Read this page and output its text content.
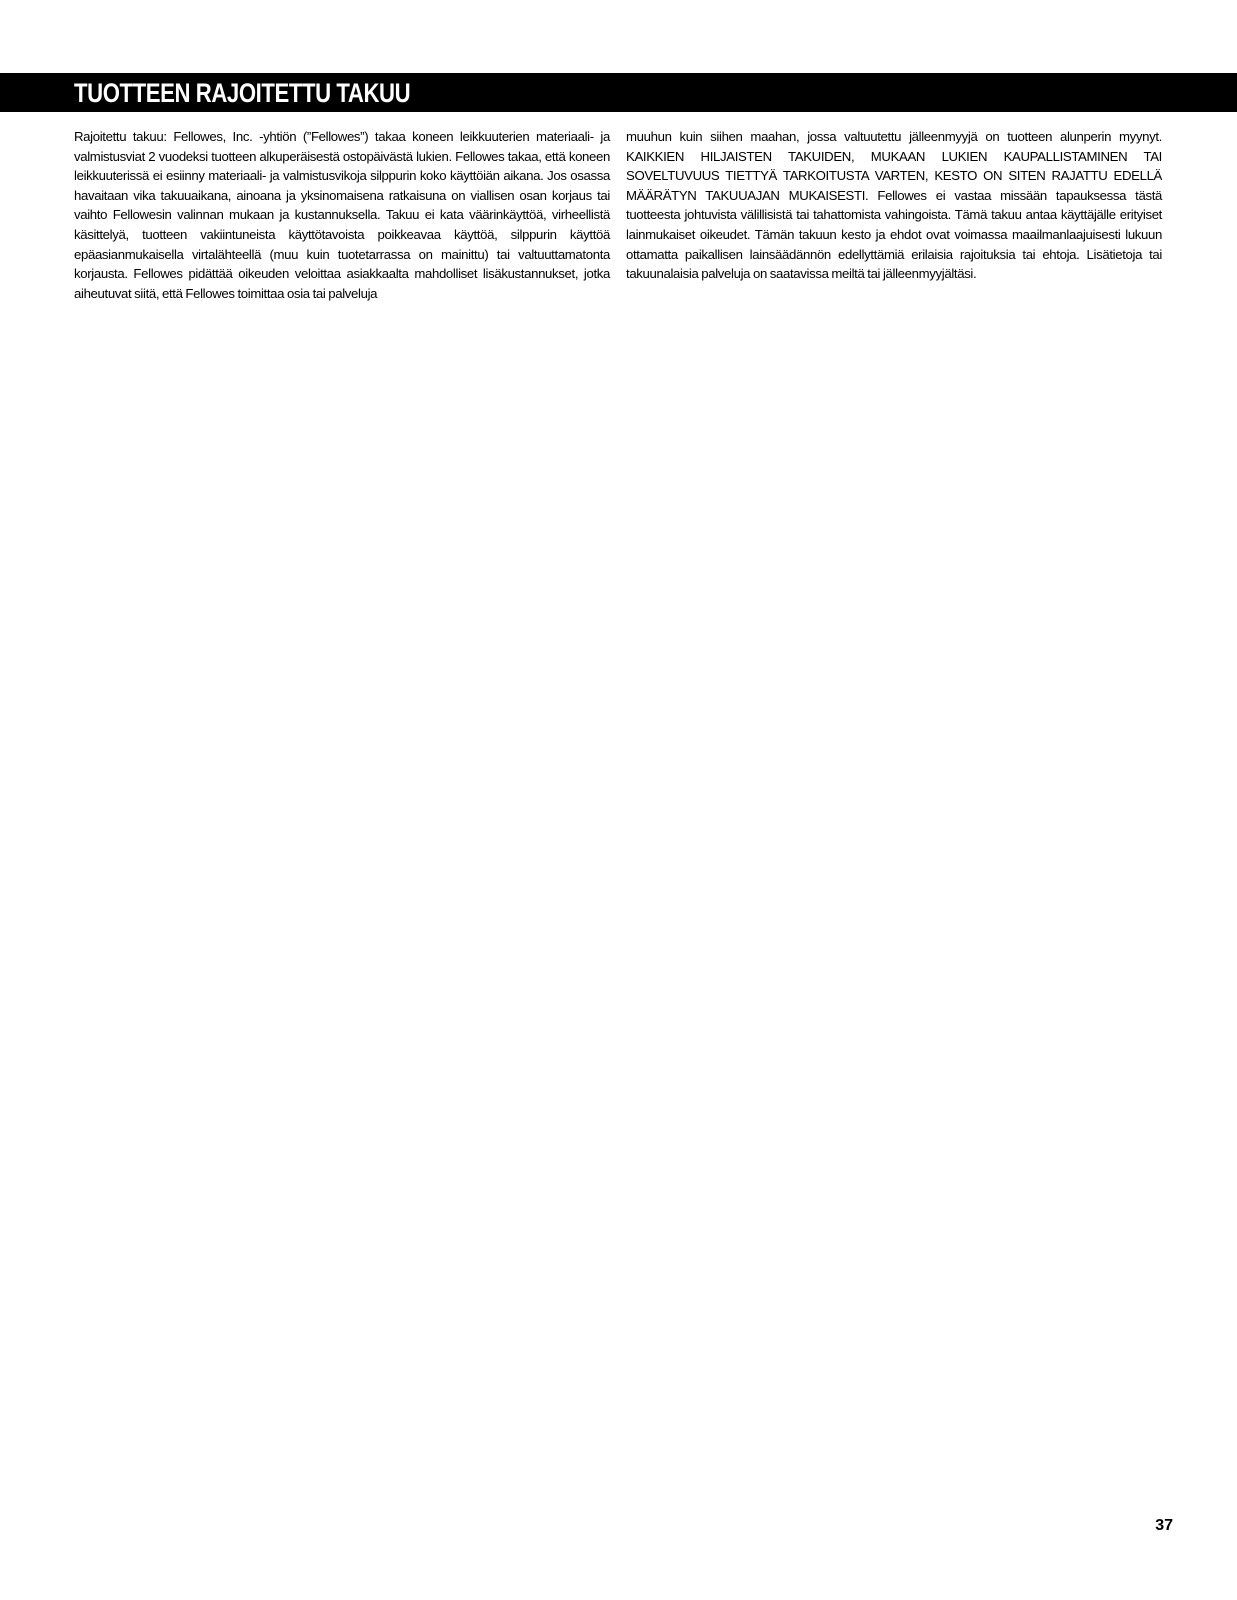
TUOTTEEN RAJOITETTU TAKUU

Rajoitettu takuu: Fellowes, Inc. -yhtiön (”Fellowes”) takaa koneen leikkuuterien materiaali- ja valmistusviat 2 vuodeksi tuotteen alkuperäisestä ostopäivästä lukien. Fellowes takaa, että koneen leikkuuterissä ei esiinny materiaali- ja valmistusvikoja silppurin koko käyttöiän aikana. Jos osassa havaitaan vika takuuaikana, ainoana ja yksinomaisena ratkaisuna on viallisen osan korjaus tai vaihto Fellowesin valinnan mukaan ja kustannuksella. Takuu ei kata väärinkäyttöä, virheellistä käsittelyä, tuotteen vakiintuneista käyttötavoista poikkeavaa käyttöä, silppurin käyttöä epäasianmukaisella virtalähteellä (muu kuin tuotetarrassa on mainittu) tai valtuuttamatonta korjausta. Fellowes pidättää oikeuden veloittaa asiakkaalta mahdolliset lisäkustannukset, jotka aiheutuvat siitä, että Fellowes toimittaa osia tai palveluja

muuhun kuin siihen maahan, jossa valtuutettu jälleenmyyjä on tuotteen alunperin myynyt. KAIKKIEN HILJAISTEN TAKUIDEN, MUKAAN LUKIEN KAUPALLISTAMINEN TAI SOVELTUVUUS TIETTYÄ TARKOITUSTA VARTEN, KESTO ON SITEN RAJATTU EDELLÄ MÄÄRÄTYN TAKUUAJAN MUKAISESTI. Fellowes ei vastaa missään tapauksessa tästä tuotteesta johtuvista välillisistä tai tahattomista vahingoista. Tämä takuu antaa käyttäjälle erityiset lainmukaiset oikeudet. Tämän takuun kesto ja ehdot ovat voimassa maailmanlaajuisesti lukuun ottamatta paikallisen lainsäädännön edellyttämiä erilaisia rajoituksia tai ehtoja. Lisätietoja tai takuunalaisia palveluja on saatavissa meiltä tai jälleenmyyjältäsi.

37
